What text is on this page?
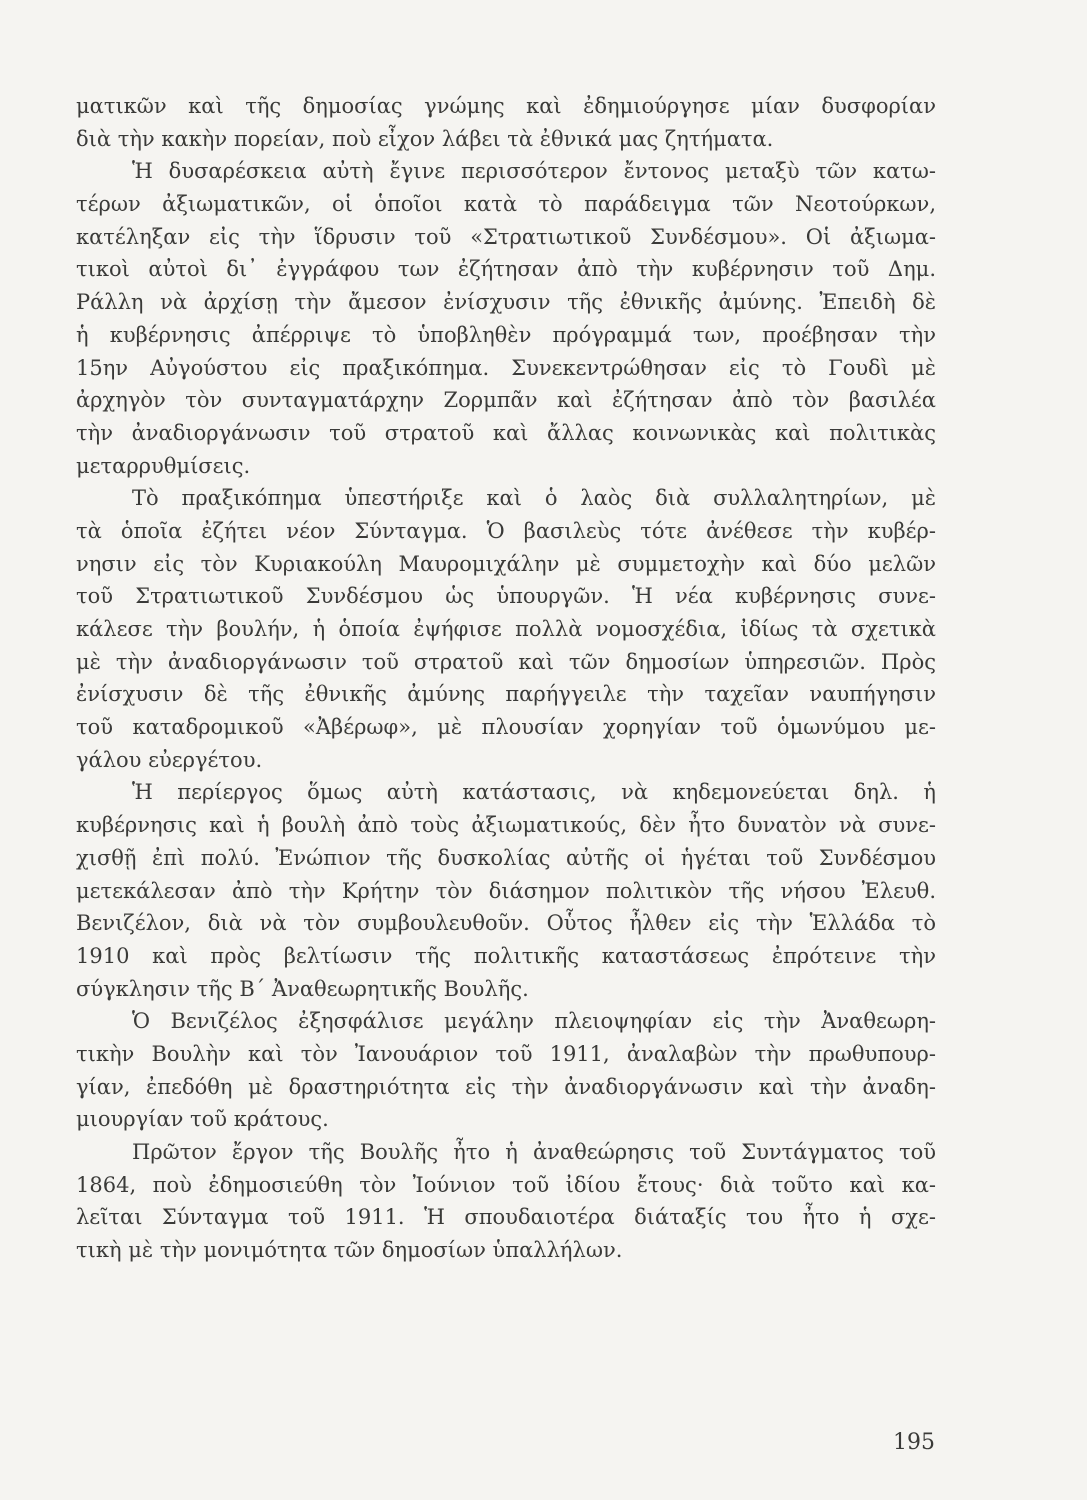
ματικῶν καὶ τῆς δημοσίας γνώμης καὶ ἐδημιούργησε μίαν δυσφορίαν
διὰ τὴν κακὴν πορείαν, ποὺ εἶχον λάβει τὰ ἐθνικά μας ζητήματα.
Ἡ δυσαρέσκεια αὐτὴ ἔγινε περισσότερον ἔντονος μεταξὺ τῶν κατω-
τέρων ἀξιωματικῶν, οἱ ὁποῖοι κατὰ τὸ παράδειγμα τῶν Νεοτούρκων,
κατέληξαν εἰς τὴν ἵδρυσιν τοῦ «Στρατιωτικοῦ Συνδέσμου». Οἱ ἀξιωμα-
τικοὶ αὐτοὶ δι᾽ ἐγγράφου των ἐζήτησαν ἀπὸ τὴν κυβέρνησιν τοῦ Δημ.
Ράλλη νὰ ἀρχίσῃ τὴν ἄμεσον ἐνίσχυσιν τῆς ἐθνικῆς ἀμύνης. Ἐπειδὴ δὲ
ἡ κυβέρνησις ἀπέρριψε τὸ ὑποβληθὲν πρόγραμμά των, προέβησαν τὴν
15ην Αὐγούστου εἰς πραξικόπημα. Συνεκεντρώθησαν εἰς τὸ Γουδὶ μὲ
ἀρχηγὸν τὸν συνταγματάρχην Ζορμπᾶν καὶ ἐζήτησαν ἀπὸ τὸν βασιλέα
τὴν ἀναδιοργάνωσιν τοῦ στρατοῦ καὶ ἄλλας κοινωνικὰς καὶ πολιτικὰς
μεταρρυθμίσεις.
Τὸ πραξικόπημα ὑπεστήριξε καὶ ὁ λαὸς διὰ συλλαλητηρίων, μὲ
τὰ ὁποῖα ἐζήτει νέον Σύνταγμα. Ὁ βασιλεὺς τότε ἀνέθεσε τὴν κυβέρ-
νησιν εἰς τὸν Κυριακούλη Μαυρομιχάλην μὲ συμμετοχὴν καὶ δύο μελῶν
τοῦ Στρατιωτικοῦ Συνδέσμου ὡς ὑπουργῶν. Ἡ νέα κυβέρνησις συνε-
κάλεσε τὴν βουλήν, ἡ ὁποία ἐψήφισε πολλὰ νομοσχέδια, ἰδίως τὰ σχετικὰ
μὲ τὴν ἀναδιοργάνωσιν τοῦ στρατοῦ καὶ τῶν δημοσίων ὑπηρεσιῶν. Πρὸς
ἐνίσχυσιν δὲ τῆς ἐθνικῆς ἀμύνης παρήγγειλε τὴν ταχεῖαν ναυπήγησιν
τοῦ καταδρομικοῦ «Ἀβέρωφ», μὲ πλουσίαν χορηγίαν τοῦ ὁμωνύμου με-
γάλου εὐεργέτου.
Ἡ περίεργος ὅμως αὐτὴ κατάστασις, νὰ κηδεμονεύεται δηλ. ἡ
κυβέρνησις καὶ ἡ βουλὴ ἀπὸ τοὺς ἀξιωματικούς, δὲν ἦτο δυνατὸν νὰ συνε-
χισθῇ ἐπὶ πολύ. Ἐνώπιον τῆς δυσκολίας αὐτῆς οἱ ἡγέται τοῦ Συνδέσμου
μετεκάλεσαν ἀπὸ τὴν Κρήτην τὸν διάσημον πολιτικὸν τῆς νήσου Ἐλευθ.
Βενιζέλον, διὰ νὰ τὸν συμβουλευθοῦν. Οὗτος ἦλθεν εἰς τὴν Ἑλλάδα τὸ
1910 καὶ πρὸς βελτίωσιν τῆς πολιτικῆς καταστάσεως ἐπρότεινε τὴν
σύγκλησιν τῆς Β΄ Ἀναθεωρητικῆς Βουλῆς.
Ὁ Βενιζέλος ἐξησφάλισε μεγάλην πλειοψηφίαν εἰς τὴν Ἀναθεωρη-
τικὴν Βουλὴν καὶ τὸν Ἰανουάριον τοῦ 1911, ἀναλαβὼν τὴν πρωθυπουρ-
γίαν, ἐπεδόθη μὲ δραστηριότητα εἰς τὴν ἀναδιοργάνωσιν καὶ τὴν ἀναδη-
μιουργίαν τοῦ κράτους.
Πρῶτον ἔργον τῆς Βουλῆς ἦτο ἡ ἀναθεώρησις τοῦ Συντάγματος τοῦ
1864, ποὺ ἐδημοσιεύθη τὸν Ἰούνιον τοῦ ἰδίου ἔτους· διὰ τοῦτο καὶ κα-
λεῖται Σύνταγμα τοῦ 1911. Ἡ σπουδαιοτέρα διάταξίς του ἦτο ἡ σχε-
τικὴ μὲ τὴν μονιμότητα τῶν δημοσίων ὑπαλλήλων.
195
